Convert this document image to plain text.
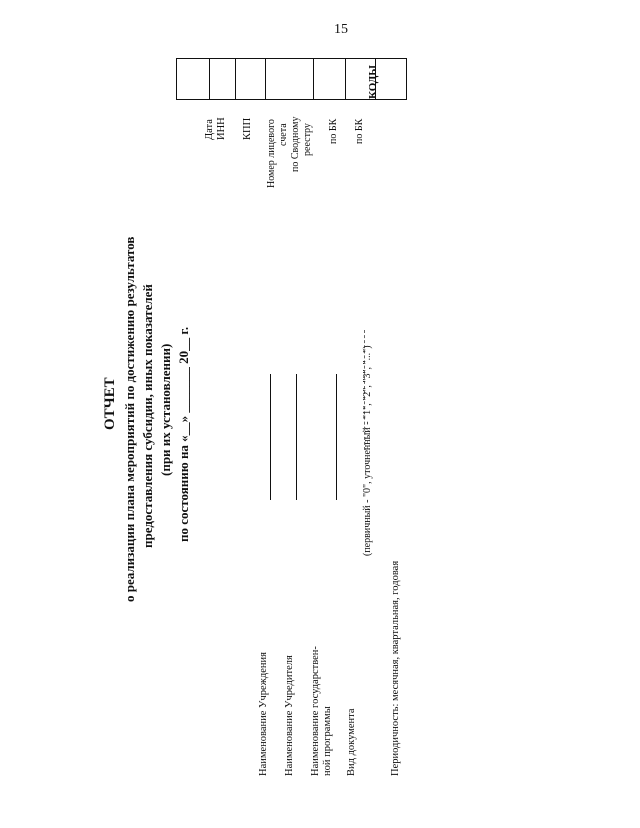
15
КОДЫ
Дата ИНН КПП Номер лицевого счета по Сводному реестру по БК по БК
ОТЧЕТ о реализации плана мероприятий по достижению результатов предоставления субсидии, иных показателей (при их установлении) по состоянию на «__» _______ 20__ г.
Наименование Учреждения Наименование Учредителя Наименование государствен- ной программы Вид документа
(первичный - "0", уточненный - "1", "2", "3", "...")
Периодичность: месячная, квартальная, годовая
